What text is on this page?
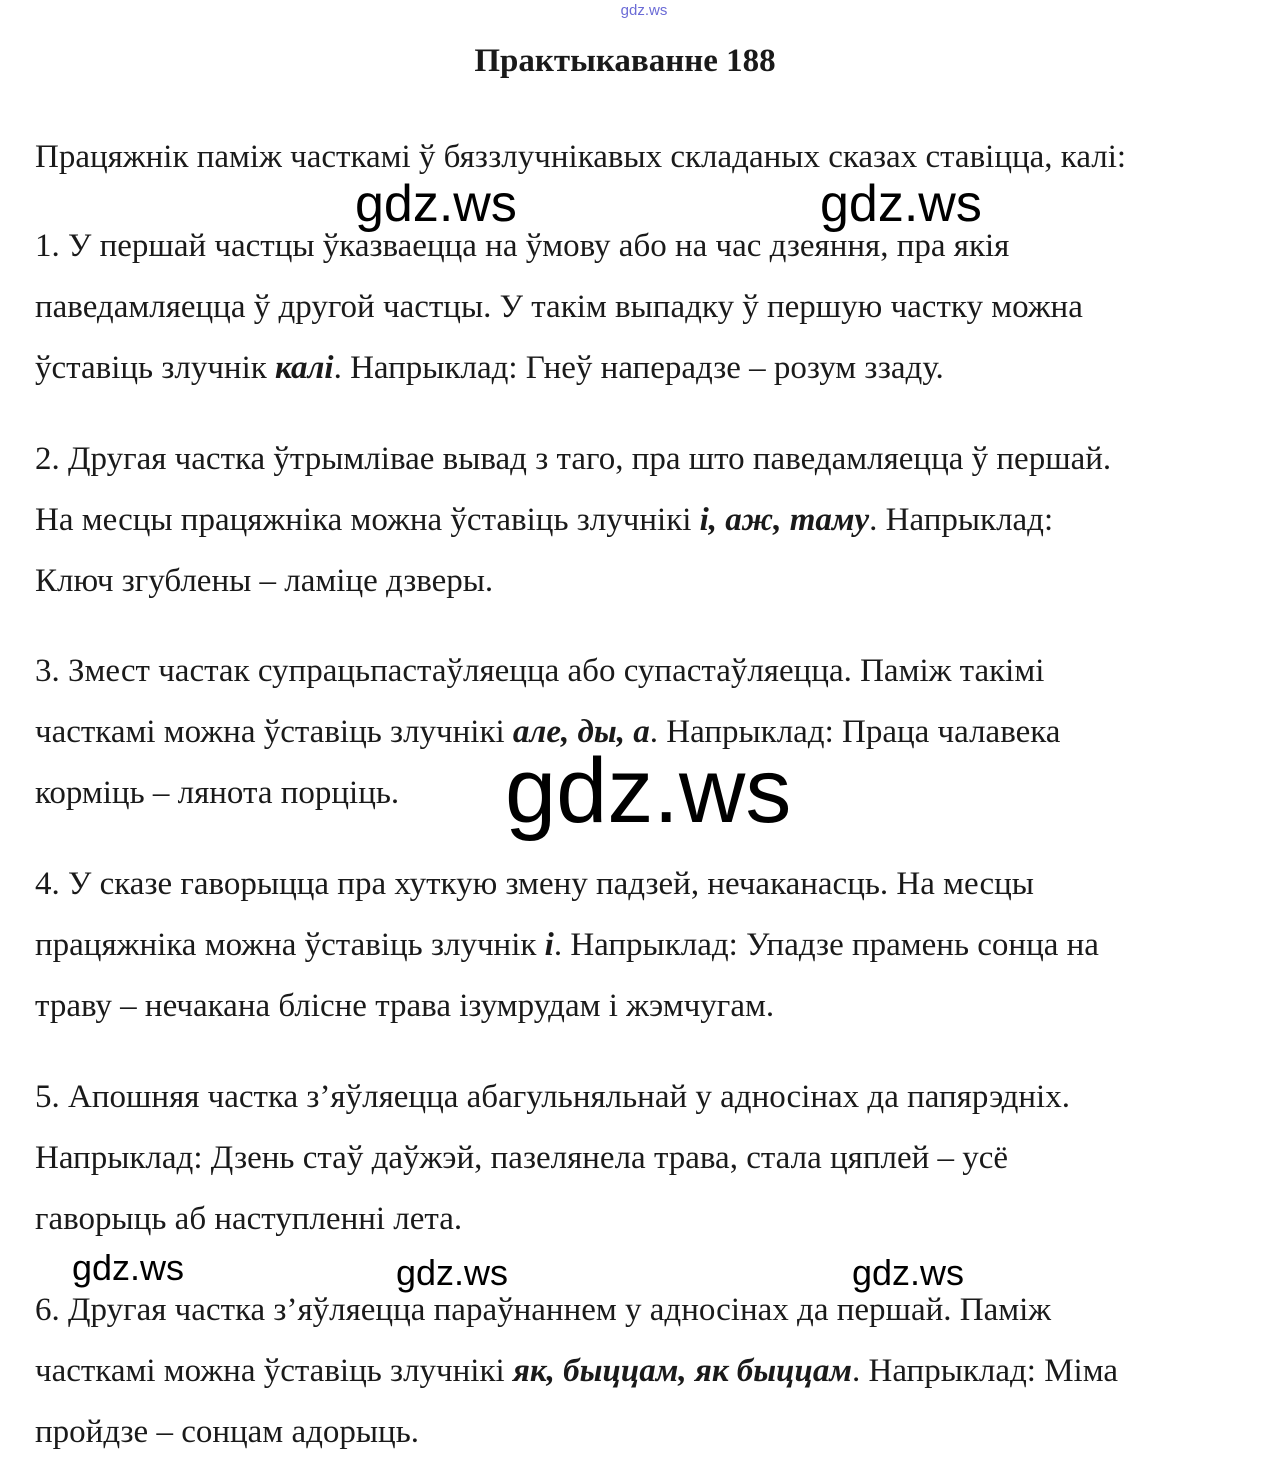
gdz.ws
Практыкаванне 188
Працяжнік паміж часткамі ў бяззлучнікавых складаных сказах ставіцца, калі:
gdz.ws	gdz.ws
1. У першай частцы ўказваецца на ўмову або на час дзеяння, пра якія
паведамляецца ў другой частцы. У такім выпадку ў першую частку можна
ўставіць злучнік калі. Напрыклад: Гнеў наперадзе – розум ззаду.
2. Другая частка ўтрымлівае вывад з таго, пра што паведамляецца ў першай.
На месцы працяжніка можна ўставіць злучнікі і, аж, таму. Напрыклад:
Ключ згублены – ламіце дзверы.
3. Змест частак супрацьпастаўляецца або супастаўляецца. Паміж такімі
часткамі можна ўставіць злучнікі але, ды, а. Напрыклад: Праца чалавека
корміць – лянота порціць. gdz.ws
4. У сказе гаворыцца пра хуткую змену падзей, нечаканасць. На месцы
працяжніка можна ўставіць злучнік і. Напрыклад: Упадзе прамень сонца на
траву – нечакана блісне трава ізумрудам і жэмчугам.
5. Апошняя частка з’яўляецца абагульняльнай у адносінах да папярэдніх.
Напрыклад: Дзень стаў даўжэй, пазелянела трава, стала цяплей – усё
гаворыць аб наступленні лета.
gdz.ws	gdz.ws	gdz.ws
6. Другая частка з’яўляецца параўнаннем у адносінах да першай. Паміж
часткамі можна ўставіць злучнікі як, быццам, як быццам. Напрыклад: Міма
пройдзе – сонцам адорыць.
